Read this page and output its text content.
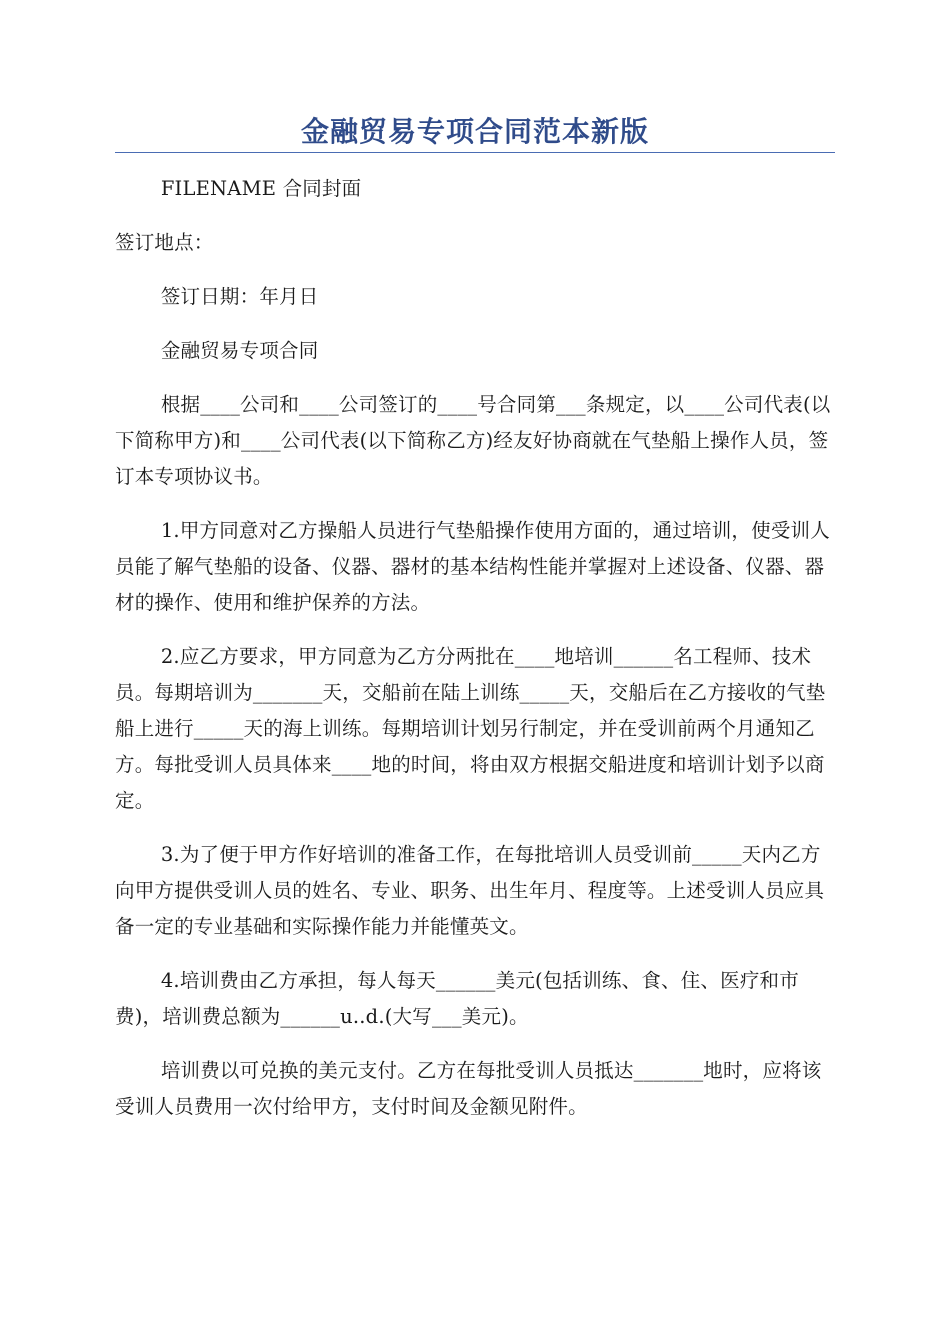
金融贸易专项合同范本新版

FILENAME 合同封面

签订地点：

签订日期：年月日

金融贸易专项合同

根据____公司和____公司签订的____号合同第___条规定，以____公司代表(以下简称甲方)和____公司代表(以下简称乙方)经友好协商就在气垫船上操作人员，签订本专项协议书。

1.甲方同意对乙方操船人员进行气垫船操作使用方面的，通过培训，使受训人员能了解气垫船的设备、仪器、器材的基本结构性能并掌握对上述设备、仪器、器材的操作、使用和维护保养的方法。

2.应乙方要求，甲方同意为乙方分两批在____地培训______名工程师、技术员。每期培训为_______天，交船前在陆上训练_____天，交船后在乙方接收的气垫船上进行_____天的海上训练。每期培训计划另行制定，并在受训前两个月通知乙方。每批受训人员具体来____地的时间，将由双方根据交船进度和培训计划予以商定。

3.为了便于甲方作好培训的准备工作，在每批培训人员受训前_____天内乙方向甲方提供受训人员的姓名、专业、职务、出生年月、程度等。上述受训人员应具备一定的专业基础和实际操作能力并能懂英文。

4.培训费由乙方承担，每人每天______美元(包括训练、食、住、医疗和市费)，培训费总额为______u..d.(大写___美元)。

培训费以可兑换的美元支付。乙方在每批受训人员抵达_______地时，应将该受训人员费用一次付给甲方，支付时间及金额见附件。
